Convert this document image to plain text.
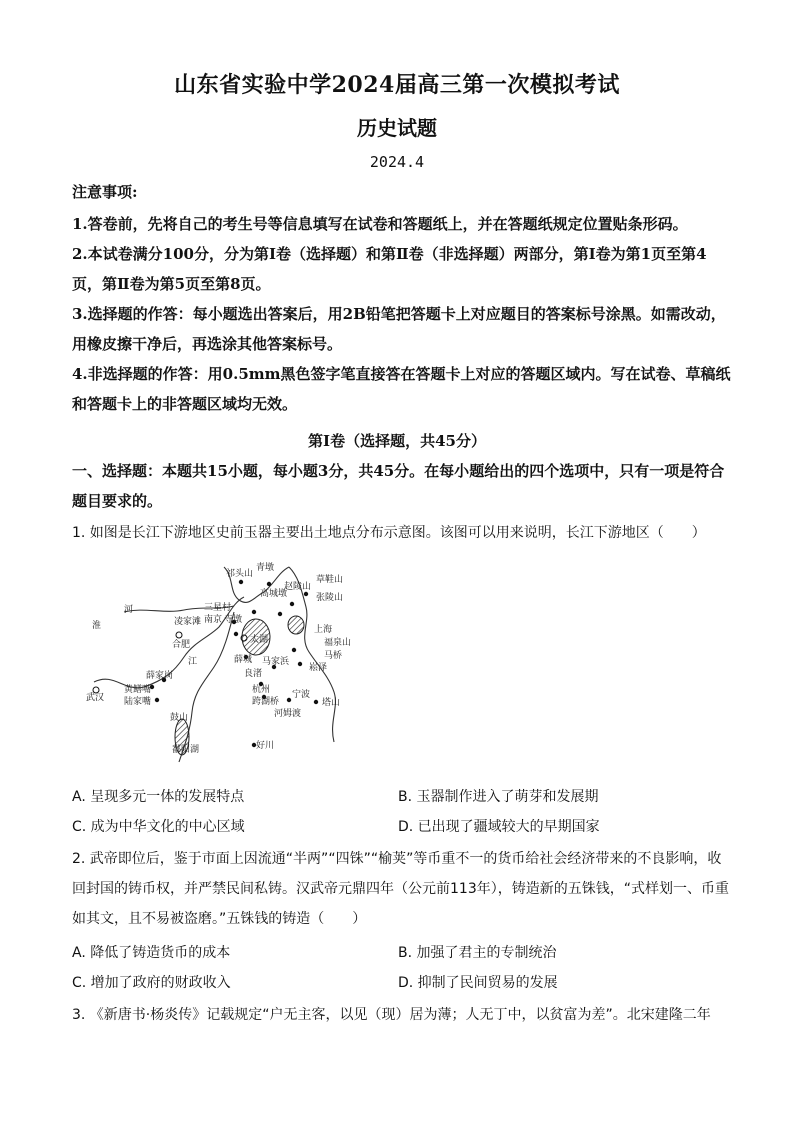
山东省实验中学2024届高三第一次模拟考试
历史试题
2024.4
注意事项:
1.答卷前，先将自己的考生号等信息填写在试卷和答题纸上，并在答题纸规定位置贴条形码。
2.本试卷满分100分，分为第Ⅰ卷（选择题）和第Ⅱ卷（非选择题）两部分，第Ⅰ卷为第1页至第4页，第Ⅱ卷为第5页至第8页。
3.选择题的作答：每小题选出答案后，用2B铅笔把答题卡上对应题目的答案标号涂黑。如需改动，用橡皮擦干净后，再选涂其他答案标号。
4.非选择题的作答：用0.5mm黑色签字笔直接答在答题卡上对应的答题区域内。写在试卷、草稿纸和答题卡上的非答题区域均无效。
第Ⅰ卷（选择题，共45分）
一、选择题：本题共15小题，每小题3分，共45分。在每小题给出的四个选项中，只有一项是符合题目要求的。
1. 如图是长江下游地区史前玉器主要出土地点分布示意图。该图可以用来说明，长江下游地区（　　）
祁头山
青墩
赵陵山
草鞋山
张陵山
高城墩
三星村
寺墩
南京
凌家滩
合肥
上海
福泉山
马桥
崧泽
太湖
薛城 马家浜
良渚
杭州
跨湖桥
宁波
河姆渡
塔山
薛家岗
黄鳝嘴
陆家嘴
武汉
鄱阳湖
鼓山
好川
河
淮
江
A. 呈现多元一体的发展特点	B. 玉器制作进入了萌芽和发展期
C. 成为中华文化的中心区域	D. 已出现了疆域较大的早期国家
2. 武帝即位后，鉴于市面上因流通“半两”“四铢”“榆荚”等币重不一的货币给社会经济带来的不良影响，收回封国的铸币权，并严禁民间私铸。汉武帝元鼎四年（公元前113年），铸造新的五铢钱，“式样划一、币重如其文，且不易被盗磨。”五铢钱的铸造（　　）
A. 降低了铸造货币的成本	B. 加强了君主的专制统治
C. 增加了政府的财政收入	D. 抑制了民间贸易的发展
3. 《新唐书·杨炎传》记载规定“户无主客，以见（现）居为薄；人无丁中，以贫富为差”。北宋建隆二年
